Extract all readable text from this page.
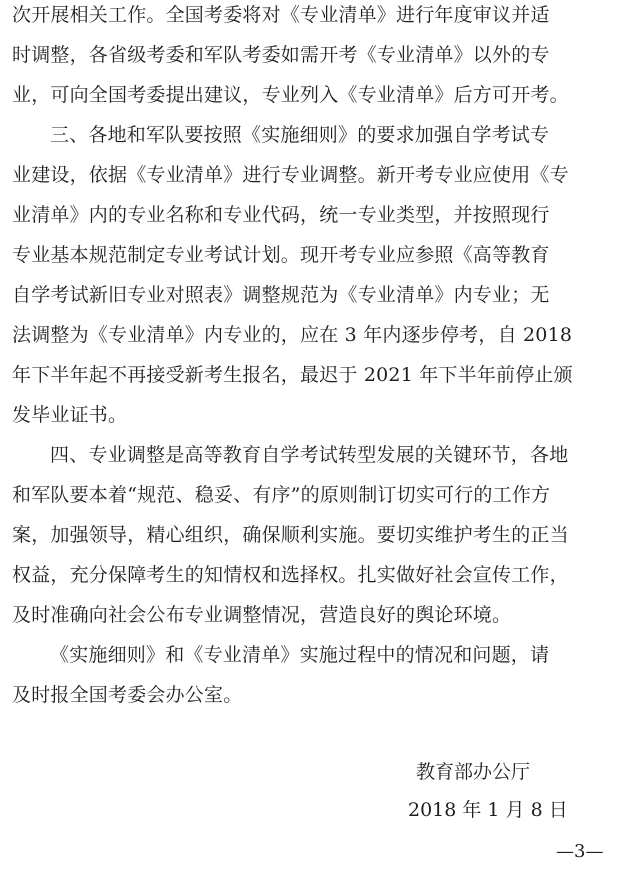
次开展相关工作。全国考委将对《专业清单》进行年度审议并适
时调整，各省级考委和军队考委如需开考《专业清单》以外的专
业，可向全国考委提出建议，专业列入《专业清单》后方可开考。
三、各地和军队要按照《实施细则》的要求加强自学考试专
业建设，依据《专业清单》进行专业调整。新开考专业应使用《专
业清单》内的专业名称和专业代码，统一专业类型，并按照现行
专业基本规范制定专业考试计划。现开考专业应参照《高等教育
自学考试新旧专业对照表》调整规范为《专业清单》内专业；无
法调整为《专业清单》内专业的，应在 3 年内逐步停考，自 2018
年下半年起不再接受新考生报名，最迟于 2021 年下半年前停止颁
发毕业证书。
四、专业调整是高等教育自学考试转型发展的关键环节，各地
和军队要本着“规范、稳妥、有序”的原则制订切实可行的工作方
案，加强领导，精心组织，确保顺利实施。要切实维护考生的正当
权益，充分保障考生的知情权和选择权。扎实做好社会宣传工作，
及时准确向社会公布专业调整情况，营造良好的舆论环境。
《实施细则》和《专业清单》实施过程中的情况和问题，请
及时报全国考委会办公室。
教育部办公厅
2018 年 1 月 8 日
—3—
